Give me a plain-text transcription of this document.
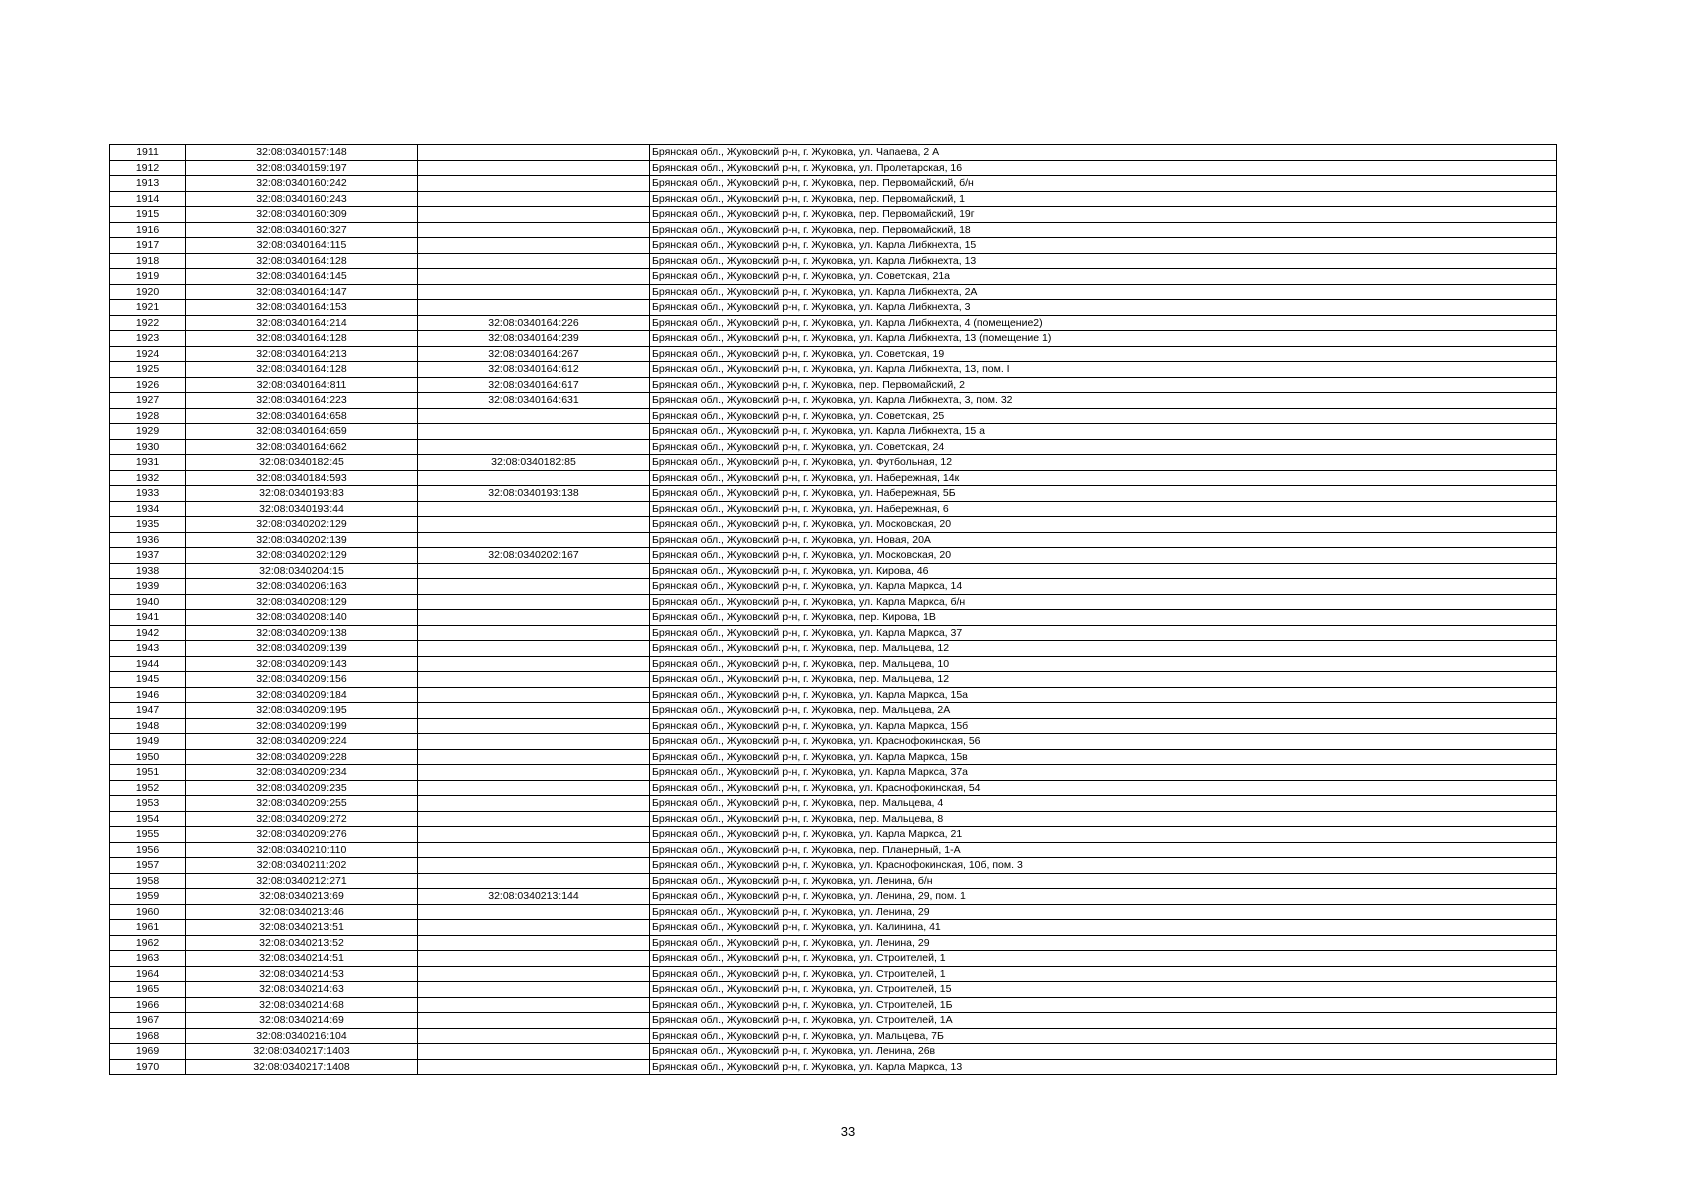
1911	32:08:0340157:148		Брянская обл., Жуковский р-н, г. Жуковка, ул. Чапаева, 2 А
1912	32:08:0340159:197		Брянская обл., Жуковский р-н, г. Жуковка, ул. Пролетарская, 16
1913	32:08:0340160:242		Брянская обл., Жуковский р-н, г. Жуковка, пер. Первомайский, б/н
1914	32:08:0340160:243		Брянская обл., Жуковский р-н, г. Жуковка, пер. Первомайский, 1
1915	32:08:0340160:309		Брянская обл., Жуковский р-н, г. Жуковка, пер. Первомайский, 19г
1916	32:08:0340160:327		Брянская обл., Жуковский р-н, г. Жуковка, пер. Первомайский, 18
1917	32:08:0340164:115		Брянская обл., Жуковский р-н, г. Жуковка, ул. Карла Либкнехта, 15
1918	32:08:0340164:128		Брянская обл., Жуковский р-н, г. Жуковка, ул. Карла Либкнехта, 13
1919	32:08:0340164:145		Брянская обл., Жуковский р-н, г. Жуковка, ул. Советская, 21а
1920	32:08:0340164:147		Брянская обл., Жуковский р-н, г. Жуковка, ул. Карла Либкнехта, 2А
1921	32:08:0340164:153		Брянская обл., Жуковский р-н, г. Жуковка, ул. Карла Либкнехта, 3
1922	32:08:0340164:214	32:08:0340164:226	Брянская обл., Жуковский р-н, г. Жуковка, ул. Карла Либкнехта, 4 (помещение2)
1923	32:08:0340164:128	32:08:0340164:239	Брянская обл., Жуковский р-н, г. Жуковка, ул. Карла Либкнехта, 13 (помещение 1)
1924	32:08:0340164:213	32:08:0340164:267	Брянская обл., Жуковский р-н, г. Жуковка, ул. Советская, 19
1925	32:08:0340164:128	32:08:0340164:612	Брянская обл., Жуковский р-н, г. Жуковка, ул. Карла Либкнехта, 13, пом. I
1926	32:08:0340164:811	32:08:0340164:617	Брянская обл., Жуковский р-н, г. Жуковка, пер. Первомайский, 2
1927	32:08:0340164:223	32:08:0340164:631	Брянская обл., Жуковский р-н, г. Жуковка, ул. Карла Либкнехта, 3, пом. 32
1928	32:08:0340164:658		Брянская обл., Жуковский р-н, г. Жуковка, ул. Советская, 25
1929	32:08:0340164:659		Брянская обл., Жуковский р-н, г. Жуковка, ул. Карла Либкнехта, 15 а
1930	32:08:0340164:662		Брянская обл., Жуковский р-н, г. Жуковка, ул. Советская, 24
1931	32:08:0340182:45	32:08:0340182:85	Брянская обл., Жуковский р-н, г. Жуковка, ул. Футбольная, 12
1932	32:08:0340184:593		Брянская обл., Жуковский р-н, г. Жуковка, ул. Набережная, 14к
1933	32:08:0340193:83	32:08:0340193:138	Брянская обл., Жуковский р-н, г. Жуковка, ул. Набережная, 5Б
1934	32:08:0340193:44		Брянская обл., Жуковский р-н, г. Жуковка, ул. Набережная, 6
1935	32:08:0340202:129		Брянская обл., Жуковский р-н, г. Жуковка, ул. Московская, 20
1936	32:08:0340202:139		Брянская обл., Жуковский р-н, г. Жуковка, ул. Новая, 20А
1937	32:08:0340202:129	32:08:0340202:167	Брянская обл., Жуковский р-н, г. Жуковка, ул. Московская, 20
1938	32:08:0340204:15		Брянская обл., Жуковский р-н, г. Жуковка, ул. Кирова, 46
1939	32:08:0340206:163		Брянская обл., Жуковский р-н, г. Жуковка, ул. Карла Маркса, 14
1940	32:08:0340208:129		Брянская обл., Жуковский р-н, г. Жуковка, ул. Карла Маркса, б/н
1941	32:08:0340208:140		Брянская обл., Жуковский р-н, г. Жуковка, пер. Кирова, 1В
1942	32:08:0340209:138		Брянская обл., Жуковский р-н, г. Жуковка, ул. Карла Маркса, 37
1943	32:08:0340209:139		Брянская обл., Жуковский р-н, г. Жуковка, пер. Мальцева, 12
1944	32:08:0340209:143		Брянская обл., Жуковский р-н, г. Жуковка, пер. Мальцева, 10
1945	32:08:0340209:156		Брянская обл., Жуковский р-н, г. Жуковка, пер. Мальцева, 12
1946	32:08:0340209:184		Брянская обл., Жуковский р-н, г. Жуковка, ул. Карла Маркса, 15а
1947	32:08:0340209:195		Брянская обл., Жуковский р-н, г. Жуковка, пер. Мальцева, 2А
1948	32:08:0340209:199		Брянская обл., Жуковский р-н, г. Жуковка, ул. Карла Маркса, 15б
1949	32:08:0340209:224		Брянская обл., Жуковский р-н, г. Жуковка, ул. Краснофокинская, 56
1950	32:08:0340209:228		Брянская обл., Жуковский р-н, г. Жуковка, ул. Карла Маркса, 15в
1951	32:08:0340209:234		Брянская обл., Жуковский р-н, г. Жуковка, ул. Карла Маркса, 37а
1952	32:08:0340209:235		Брянская обл., Жуковский р-н, г. Жуковка, ул. Краснофокинская, 54
1953	32:08:0340209:255		Брянская обл., Жуковский р-н, г. Жуковка, пер. Мальцева, 4
1954	32:08:0340209:272		Брянская обл., Жуковский р-н, г. Жуковка, пер. Мальцева, 8
1955	32:08:0340209:276		Брянская обл., Жуковский р-н, г. Жуковка, ул. Карла Маркса, 21
1956	32:08:0340210:110		Брянская обл., Жуковский р-н, г. Жуковка, пер. Планерный, 1-А
1957	32:08:0340211:202		Брянская обл., Жуковский р-н, г. Жуковка, ул. Краснофокинская, 10б, пом. 3
1958	32:08:0340212:271		Брянская обл., Жуковский р-н, г. Жуковка, ул. Ленина, б/н
1959	32:08:0340213:69	32:08:0340213:144	Брянская обл., Жуковский р-н, г. Жуковка, ул. Ленина, 29, пом. 1
1960	32:08:0340213:46		Брянская обл., Жуковский р-н, г. Жуковка, ул. Ленина, 29
1961	32:08:0340213:51		Брянская обл., Жуковский р-н, г. Жуковка, ул. Калинина, 41
1962	32:08:0340213:52		Брянская обл., Жуковский р-н, г. Жуковка, ул. Ленина, 29
1963	32:08:0340214:51		Брянская обл., Жуковский р-н, г. Жуковка, ул. Строителей, 1
1964	32:08:0340214:53		Брянская обл., Жуковский р-н, г. Жуковка, ул. Строителей, 1
1965	32:08:0340214:63		Брянская обл., Жуковский р-н, г. Жуковка, ул. Строителей, 15
1966	32:08:0340214:68		Брянская обл., Жуковский р-н, г. Жуковка, ул. Строителей, 1Б
1967	32:08:0340214:69		Брянская обл., Жуковский р-н, г. Жуковка, ул. Строителей, 1А
1968	32:08:0340216:104		Брянская обл., Жуковский р-н, г. Жуковка, ул. Мальцева, 7Б
1969	32:08:0340217:1403		Брянская обл., Жуковский р-н, г. Жуковка, ул. Ленина, 26в
1970	32:08:0340217:1408		Брянская обл., Жуковский р-н, г. Жуковка, ул. Карла Маркса, 13
33
